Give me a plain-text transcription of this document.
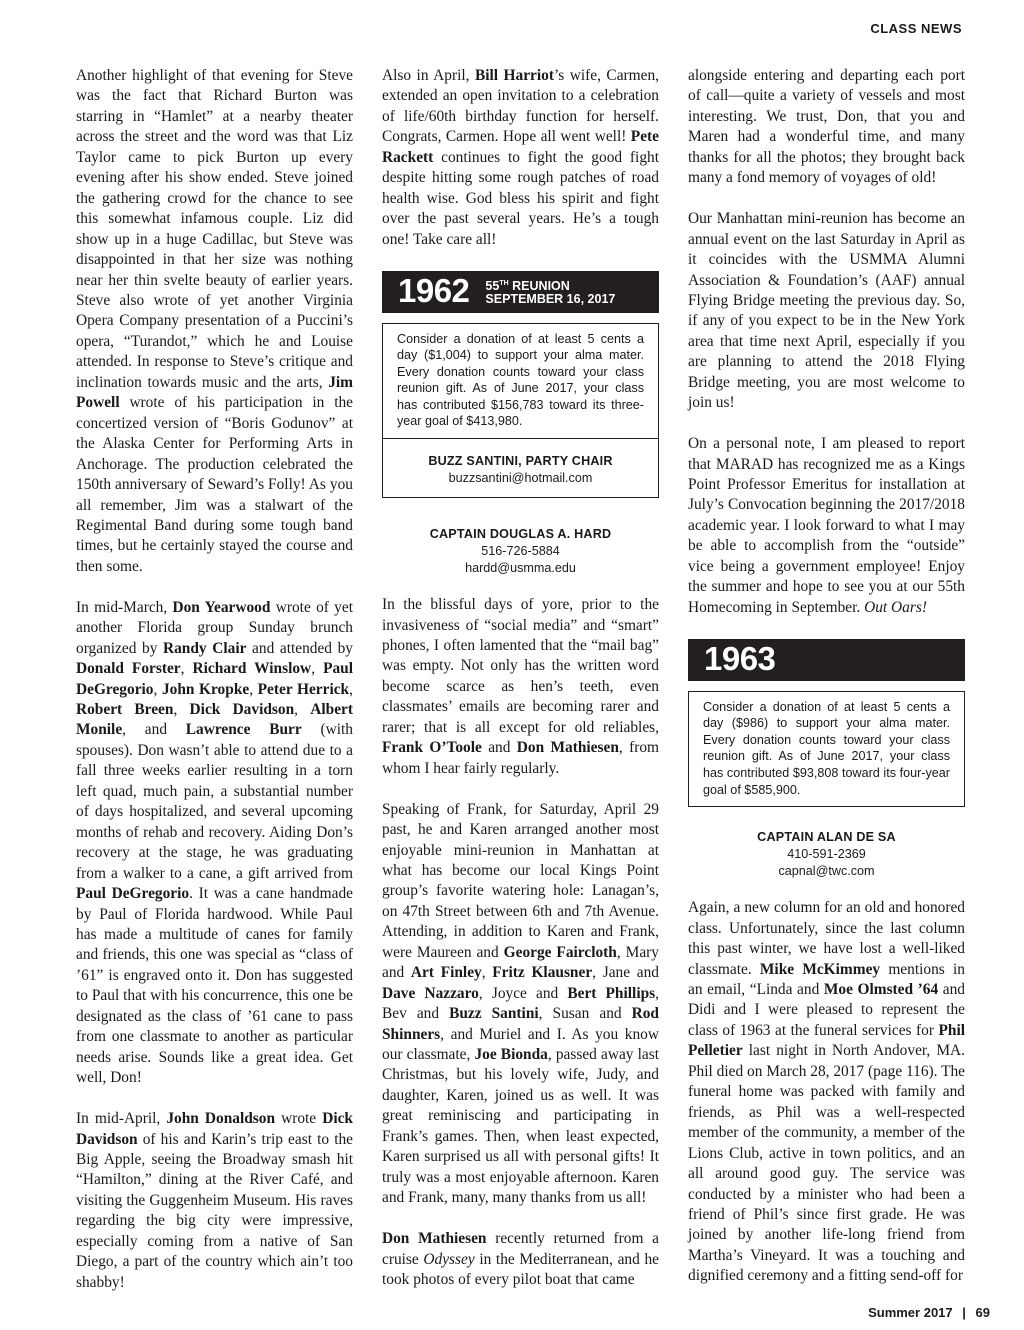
CLASS NEWS

Another highlight of that evening for Steve was the fact that Richard Burton was starring in “Hamlet” at a nearby theater across the street and the word was that Liz Taylor came to pick Burton up every evening after his show ended. Steve joined the gathering crowd for the chance to see this somewhat infamous couple. Liz did show up in a huge Cadillac, but Steve was disappointed in that her size was nothing near her thin svelte beauty of earlier years. Steve also wrote of yet another Virginia Opera Company presentation of a Puccini’s opera, “Turandot,” which he and Louise attended. In response to Steve’s critique and inclination towards music and the arts, Jim Powell wrote of his participation in the concertized version of “Boris Godunov” at the Alaska Center for Performing Arts in Anchorage. The production celebrated the 150th anniversary of Seward’s Folly! As you all remember, Jim was a stalwart of the Regimental Band during some tough band times, but he certainly stayed the course and then some.

In mid-March, Don Yearwood wrote of yet another Florida group Sunday brunch organized by Randy Clair and attended by Donald Forster, Richard Winslow, Paul DeGregorio, John Kropke, Peter Herrick, Robert Breen, Dick Davidson, Albert Monile, and Lawrence Burr (with spouses). Don wasn’t able to attend due to a fall three weeks earlier resulting in a torn left quad, much pain, a substantial number of days hospitalized, and several upcoming months of rehab and recovery. Aiding Don’s recovery at the stage, he was graduating from a walker to a cane, a gift arrived from Paul DeGregorio. It was a cane handmade by Paul of Florida hardwood. While Paul has made a multitude of canes for family and friends, this one was special as “class of ’61” is engraved onto it. Don has suggested to Paul that with his concurrence, this one be designated as the class of ’61 cane to pass from one classmate to another as particular needs arise. Sounds like a great idea. Get well, Don!

In mid-April, John Donaldson wrote Dick Davidson of his and Karin’s trip east to the Big Apple, seeing the Broadway smash hit “Hamilton,” dining at the River Café, and visiting the Guggenheim Museum. His raves regarding the big city were impressive, especially coming from a native of San Diego, a part of the country which ain’t too shabby!

Also in April, Bill Harriot’s wife, Carmen, extended an open invitation to a celebration of life/60th birthday function for herself. Congrats, Carmen. Hope all went well! Pete Rackett continues to fight the good fight despite hitting some rough patches of road health wise. God bless his spirit and fight over the past several years. He’s a tough one! Take care all!

1962 55TH REUNION
SEPTEMBER 16, 2017
Consider a donation of at least 5 cents a day ($1,004) to support your alma mater. Every donation counts toward your class reunion gift. As of June 2017, your class has contributed $156,783 toward its three-year goal of $413,980.
BUZZ SANTINI, PARTY CHAIR
buzzsantini@hotmail.com
CAPTAIN DOUGLAS A. HARD
516-726-5884
hardd@usmma.edu

In the blissful days of yore, prior to the invasiveness of “social media” and “smart” phones, I often lamented that the “mail bag” was empty. Not only has the written word become scarce as hen’s teeth, even classmates’ emails are becoming rarer and rarer; that is all except for old reliables, Frank O’Toole and Don Mathiesen, from whom I hear fairly regularly.

Speaking of Frank, for Saturday, April 29 past, he and Karen arranged another most enjoyable mini-reunion in Manhattan at what has become our local Kings Point group’s favorite watering hole: Lanagan’s, on 47th Street between 6th and 7th Avenue. Attending, in addition to Karen and Frank, were Maureen and George Faircloth, Mary and Art Finley, Fritz Klausner, Jane and Dave Nazzaro, Joyce and Bert Phillips, Bev and Buzz Santini, Susan and Rod Shinners, and Muriel and I. As you know our classmate, Joe Bionda, passed away last Christmas, but his lovely wife, Judy, and daughter, Karen, joined us as well. It was great reminiscing and participating in Frank’s games. Then, when least expected, Karen surprised us all with personal gifts! It truly was a most enjoyable afternoon. Karen and Frank, many, many thanks from us all!

Don Mathiesen recently returned from a cruise Odyssey in the Mediterranean, and he took photos of every pilot boat that came

alongside entering and departing each port of call—quite a variety of vessels and most interesting. We trust, Don, that you and Maren had a wonderful time, and many thanks for all the photos; they brought back many a fond memory of voyages of old!

Our Manhattan mini-reunion has become an annual event on the last Saturday in April as it coincides with the USMMA Alumni Association & Foundation’s (AAF) annual Flying Bridge meeting the previous day. So, if any of you expect to be in the New York area that time next April, especially if you are planning to attend the 2018 Flying Bridge meeting, you are most welcome to join us!

On a personal note, I am pleased to report that MARAD has recognized me as a Kings Point Professor Emeritus for installation at July’s Convocation beginning the 2017/2018 academic year. I look forward to what I may be able to accomplish from the “outside” vice being a government employee! Enjoy the summer and hope to see you at our 55th Homecoming in September. Out Oars!

1963
Consider a donation of at least 5 cents a day ($986) to support your alma mater. Every donation counts toward your class reunion gift. As of June 2017, your class has contributed $93,808 toward its four-year goal of $585,900.
CAPTAIN ALAN DE SA
410-591-2369
capnal@twc.com

Again, a new column for an old and honored class. Unfortunately, since the last column this past winter, we have lost a well-liked classmate. Mike McKimmey mentions in an email, “Linda and Moe Olmsted ’64 and Didi and I were pleased to represent the class of 1963 at the funeral services for Phil Pelletier last night in North Andover, MA. Phil died on March 28, 2017 (page 116). The funeral home was packed with family and friends, as Phil was a well-respected member of the community, a member of the Lions Club, active in town politics, and an all around good guy. The service was conducted by a minister who had been a friend of Phil’s since first grade. He was joined by another life-long friend from Martha’s Vineyard. It was a touching and dignified ceremony and a fitting send-off for

Summer 2017 | 69
